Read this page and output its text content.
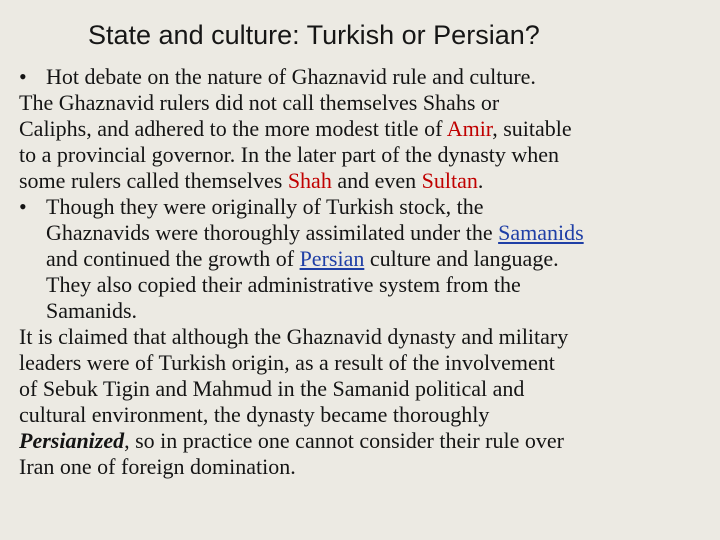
State and culture: Turkish or Persian?
• Hot debate on the nature of Ghaznavid rule and culture.
The Ghaznavid rulers did not call themselves Shahs or
Caliphs, and adhered to the more modest title of Amir, suitable
to a provincial governor. In the later part of the dynasty when
some rulers called themselves Shah and even Sultan.
• Though they were originally of Turkish stock, the
Ghaznavids were thoroughly assimilated under the Samanids
and continued the growth of Persian culture and language.
They also copied their administrative system from the
Samanids.
It is claimed that although the Ghaznavid dynasty and military
leaders were of Turkish origin, as a result of the involvement
of Sebuk Tigin and Mahmud in the Samanid political and
cultural environment, the dynasty became thoroughly
Persianized, so in practice one cannot consider their rule over
Iran one of foreign domination.
